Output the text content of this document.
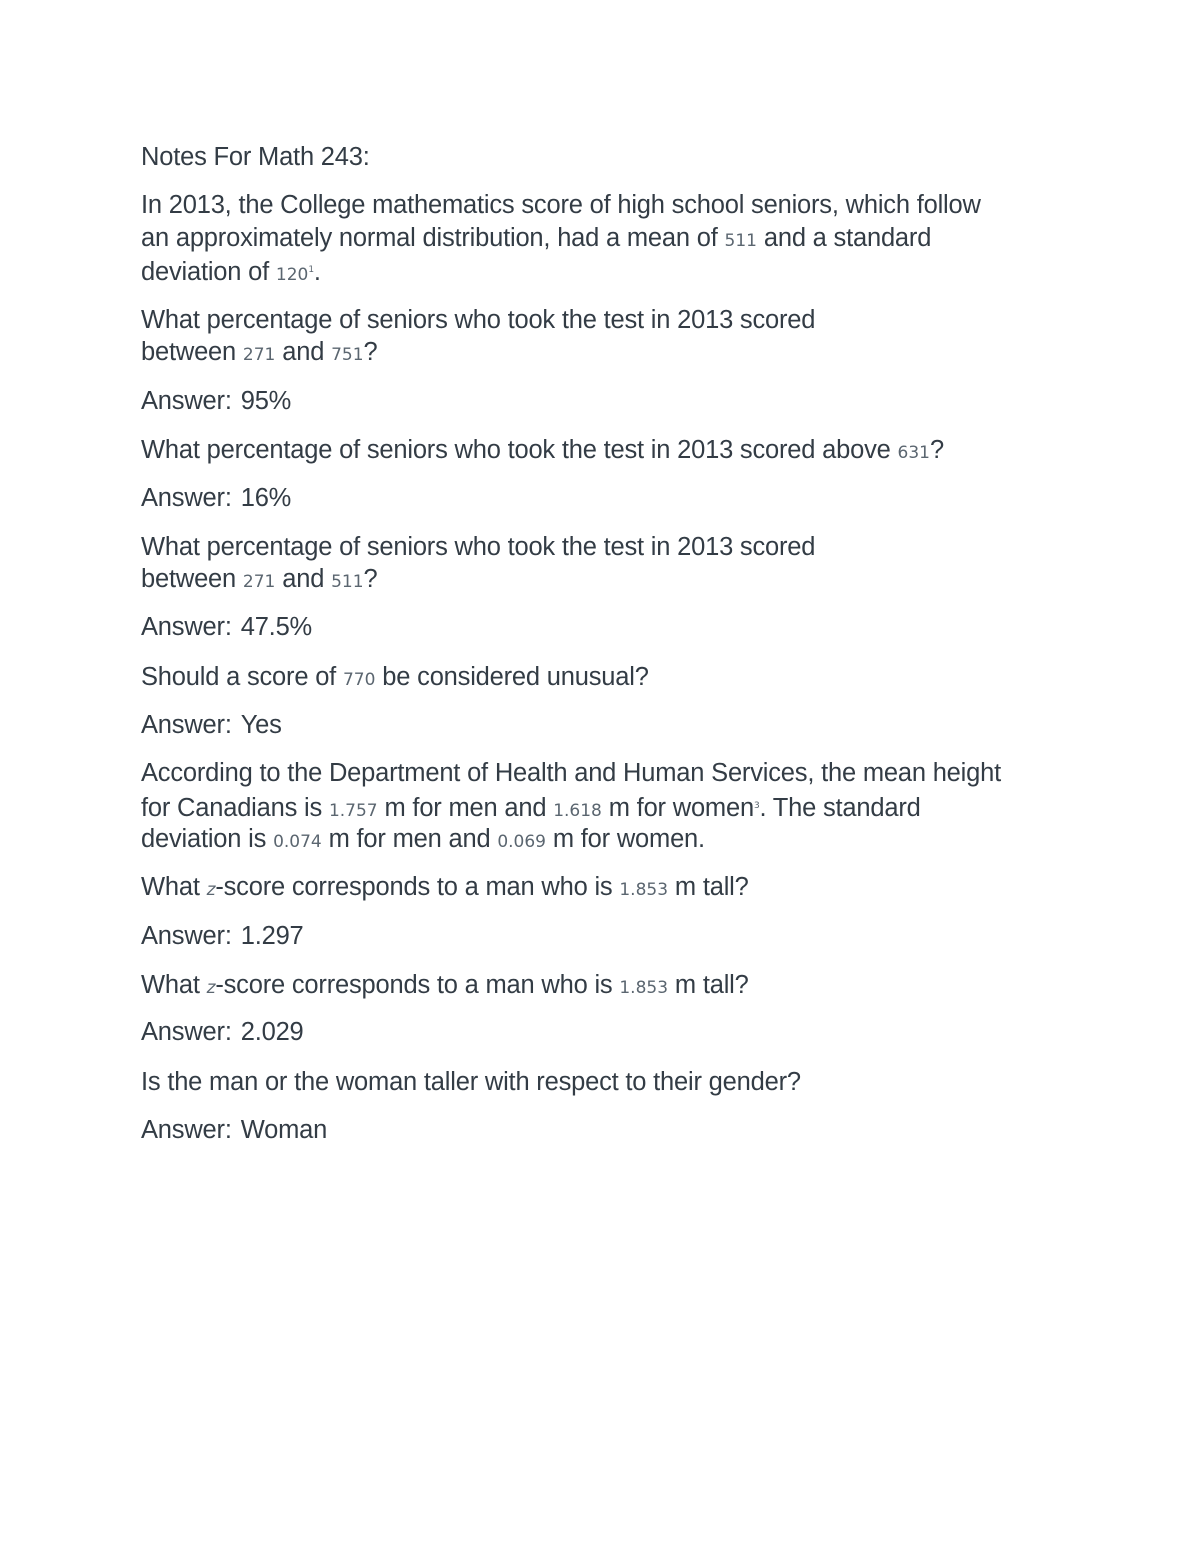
Notes For Math 243:
In 2013, the College mathematics score of high school seniors, which follow
an approximately normal distribution, had a mean of 511 and a standard
deviation of $120^1$.
What percentage of seniors who took the test in 2013 scored
between 271 and 751?
Answer: 95%
What percentage of seniors who took the test in 2013 scored above 631?
Answer: 16%
What percentage of seniors who took the test in 2013 scored
between 271 and 511?
Answer: 47.5%
Should a score of 770 be considered unusual?
Answer: Yes
According to the Department of Health and Human Services, the mean height
for Canadians is 1.757 m for men and 1.618 m for women$^3$. The standard
deviation is 0.074 m for men and 0.069 m for women.
What z-score corresponds to a man who is 1.853 m tall?
Answer: 1.297
What z-score corresponds to a man who is 1.853 m tall?
Answer: 2.029
Is the man or the woman taller with respect to their gender?
Answer: Woman
